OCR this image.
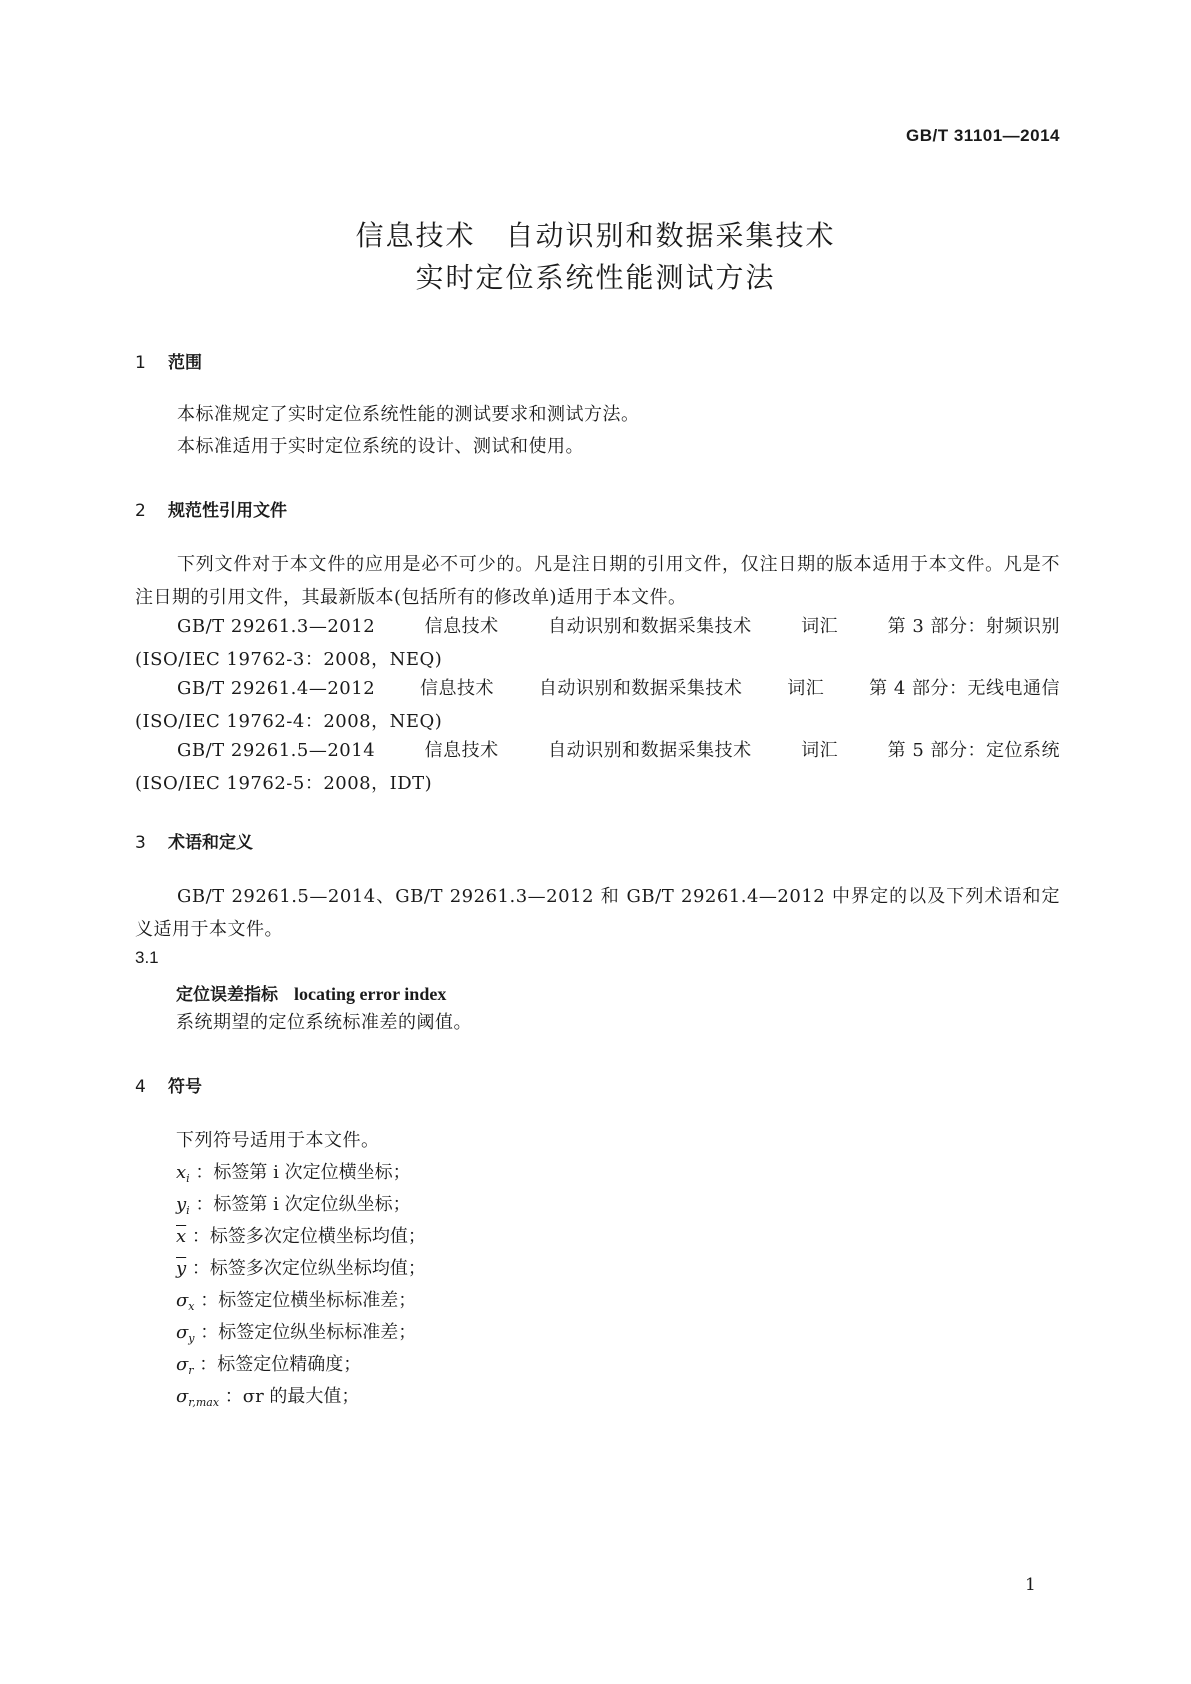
GB/T 31101—2014
信息技术 自动识别和数据采集技术
实时定位系统性能测试方法
1 范围
本标准规定了实时定位系统性能的测试要求和测试方法。
本标准适用于实时定位系统的设计、测试和使用。
2 规范性引用文件
下列文件对于本文件的应用是必不可少的。凡是注日期的引用文件，仅注日期的版本适用于本文件。凡是不注日期的引用文件，其最新版本(包括所有的修改单)适用于本文件。
GB/T 29261.3—2012	信息技术	自动识别和数据采集技术	词汇	第 3 部分：射频识别
(ISO/IEC 19762-3：2008，NEQ)
GB/T 29261.4—2012 信息技术 自动识别和数据采集技术 词汇 第 4 部分：无线电通信
(ISO/IEC 19762-4：2008，NEQ)
GB/T 29261.5—2014	信息技术	自动识别和数据采集技术	词汇	第 5 部分：定位系统
(ISO/IEC 19762-5：2008，IDT)
3 术语和定义
GB/T 29261.5—2014、GB/T 29261.3—2012 和 GB/T 29261.4—2012 中界定的以及下列术语和定义适用于本文件。
3.1
定位误差指标 locating error index
系统期望的定位系统标准差的阈值。
4 符号
下列符号适用于本文件。
$x_i$ ：标签第 i 次定位横坐标；
$y_i$ ：标签第 i 次定位纵坐标；
$\overline{x}$ ：标签多次定位横坐标均值；
$\overline{y}$ ：标签多次定位纵坐标均值；
$\sigma_x$ ：标签定位横坐标标准差；
$\sigma_y$ ：标签定位纵坐标标准差；
$\sigma_r$ ：标签定位精确度；
$\sigma_{r,max}$ ：σr 的最大值；
1
